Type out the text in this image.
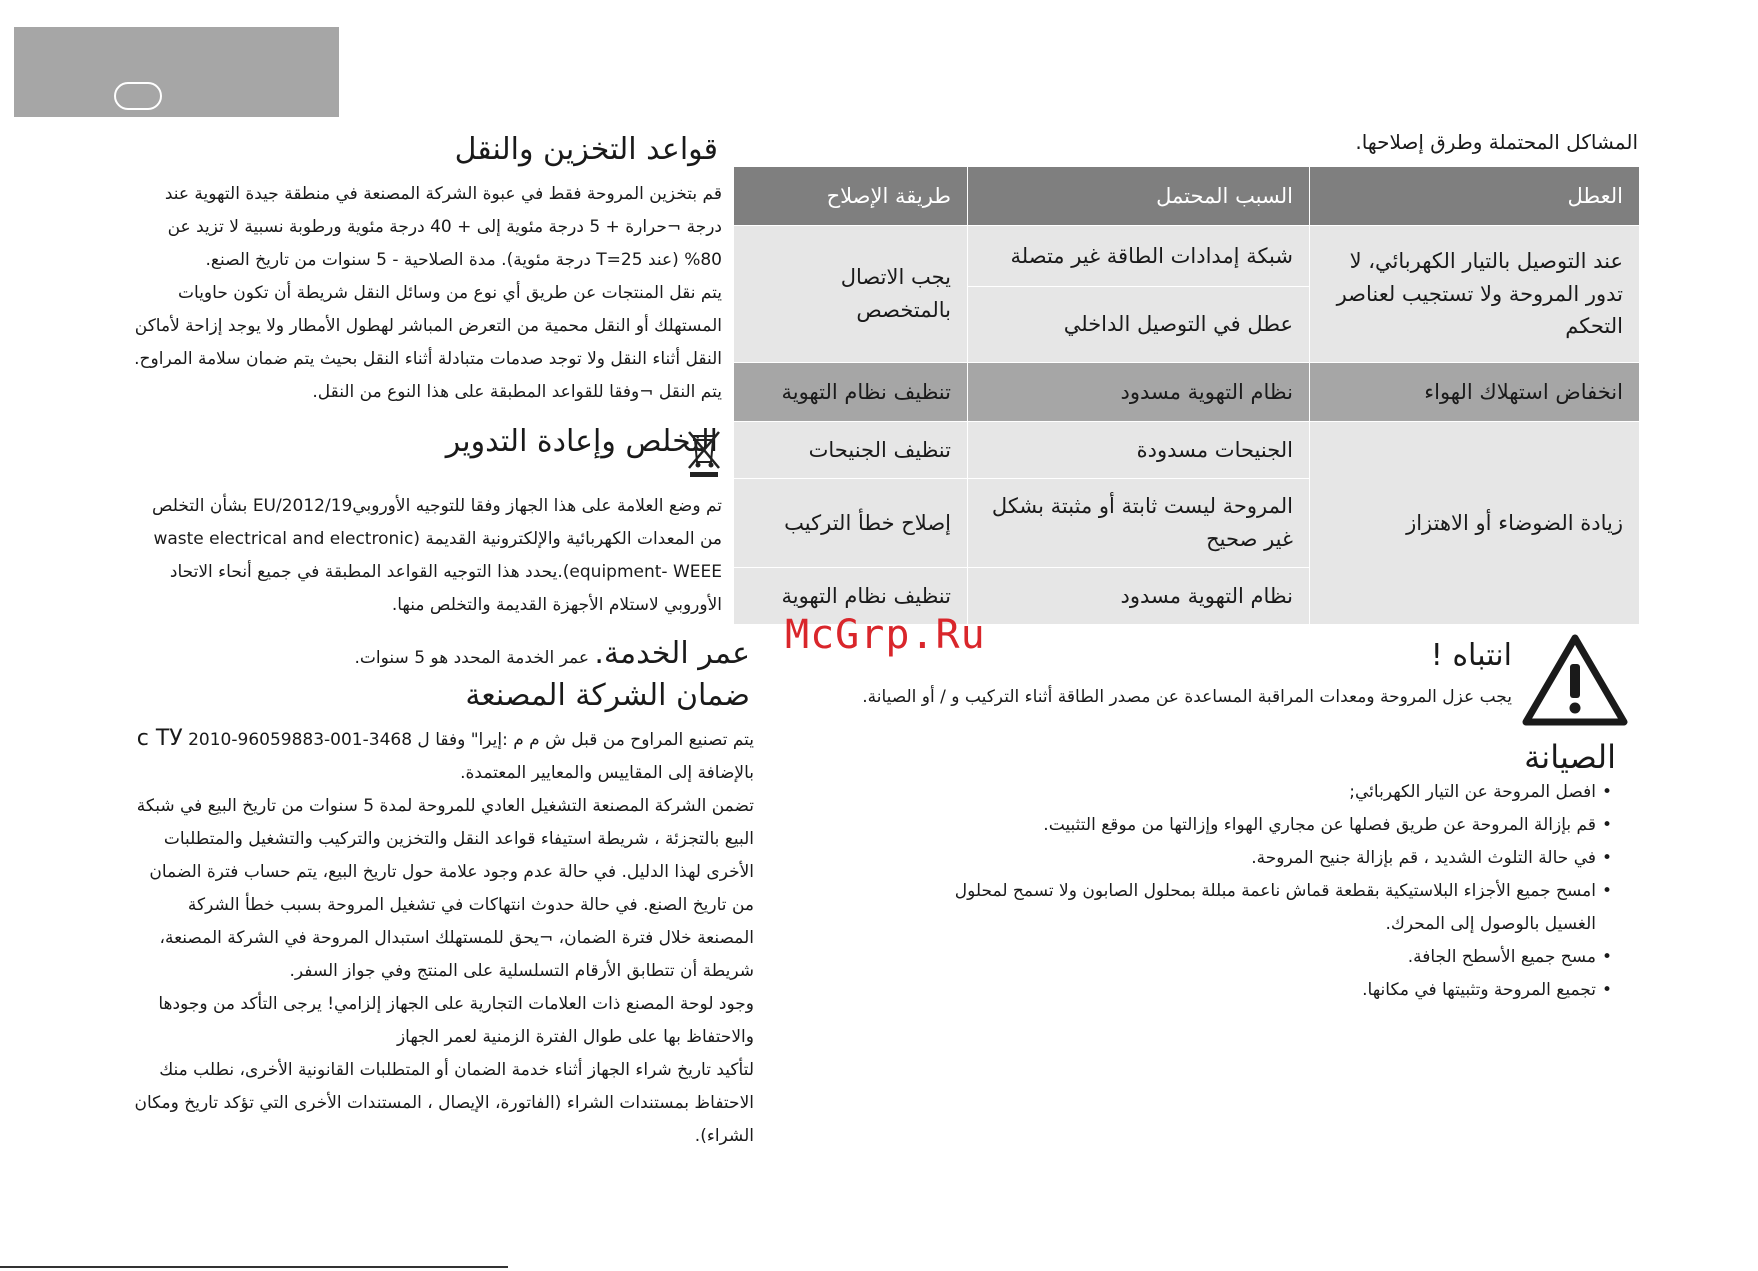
قواعد التخزين والنقل
قم بتخزين المروحة فقط في عبوة الشركة المصنعة في منطقة جيدة التهوية عند درجة ¬حرارة + 5 درجة مئوية إلى + 40 درجة مئوية ورطوبة نسبية لا تزيد عن 80% (عند T=25 درجة مئوية). مدة الصلاحية - 5 سنوات من تاريخ الصنع.
يتم نقل المنتجات عن طريق أي نوع من وسائل النقل شريطة أن تكون حاويات المستهلك أو النقل محمية من التعرض المباشر لهطول الأمطار ولا يوجد إزاحة لأماكن النقل أثناء النقل ولا توجد صدمات متبادلة أثناء النقل بحيث يتم ضمان سلامة المراوح. يتم النقل ¬وفقا للقواعد المطبقة على هذا النوع من النقل.
التخلص وإعادة التدوير
تم وضع العلامة على هذا الجهاز وفقا للتوجيه الأوروبيEU/2012/19 بشأن التخلص من المعدات الكهربائية والإلكترونية القديمة (waste electrical and electronic equipment- WEEE).يحدد هذا التوجيه القواعد المطبقة في جميع أنحاء الاتحاد الأوروبي لاستلام الأجهزة القديمة والتخلص منها.
عمر الخدمة. عمر الخدمة المحدد هو 5 سنوات.
ضمان الشركة المصنعة
يتم تصنيع المراوح من قبل ش م م :إيرا" وفقا ل 3468-001-96059883-2010 с ТУ
بالإضافة إلى المقاييس والمعايير المعتمدة.
تضمن الشركة المصنعة التشغيل العادي للمروحة لمدة 5 سنوات من تاريخ البيع في شبكة البيع بالتجزئة ، شريطة استيفاء قواعد النقل والتخزين والتركيب والتشغيل والمتطلبات الأخرى لهذا الدليل. في حالة عدم وجود علامة حول تاريخ البيع، يتم حساب فترة الضمان من تاريخ الصنع. في حالة حدوث انتهاكات في تشغيل المروحة بسبب خطأ الشركة المصنعة خلال فترة الضمان، ¬يحق للمستهلك استبدال المروحة في الشركة المصنعة، شريطة أن تتطابق الأرقام التسلسلية على المنتج وفي جواز السفر.
وجود لوحة المصنع ذات العلامات التجارية على الجهاز إلزامي! يرجى التأكد من وجودها والاحتفاظ بها على طوال الفترة الزمنية لعمر الجهاز
لتأكيد تاريخ شراء الجهاز أثناء خدمة الضمان أو المتطلبات القانونية الأخرى، نطلب منك الاحتفاظ بمستندات الشراء (الفاتورة، الإيصال ، المستندات الأخرى التي تؤكد تاريخ ومكان الشراء).
المشاكل المحتملة وطرق إصلاحها.
العطل	السبب المحتمل	طريقة الإصلاح
عند التوصيل بالتيار الكهربائي، لا تدور المروحة ولا تستجيب لعناصر التحكم	شبكة إمدادات الطاقة غير متصلة	يجب الاتصال بالمتخصص
	عطل في التوصيل الداخلي	
انخفاض استهلاك الهواء	نظام التهوية مسدود	تنظيف نظام التهوية
زيادة الضوضاء أو الاهتزاز	الجنيحات مسدودة	تنظيف الجنيحات
	المروحة ليست ثابتة أو مثبتة بشكل غير صحيح	إصلاح خطأ التركيب
	نظام التهوية مسدود	تنظيف نظام التهوية
McGrp.Ru	انتباه !
يجب عزل المروحة ومعدات المراقبة المساعدة عن مصدر الطاقة أثناء التركيب و / أو الصيانة.
الصيانة
• افصل المروحة عن التيار الكهربائي;
• قم بإزالة المروحة عن طريق فصلها عن مجاري الهواء وإزالتها من موقع التثبيت.
• في حالة التلوث الشديد ، قم بإزالة جنيح المروحة.
• امسح جميع الأجزاء البلاستيكية بقطعة قماش ناعمة مبللة بمحلول الصابون ولا تسمح لمحلول الغسيل بالوصول إلى المحرك.
• مسح جميع الأسطح الجافة.
• تجميع المروحة وتثبيتها في مكانها.
